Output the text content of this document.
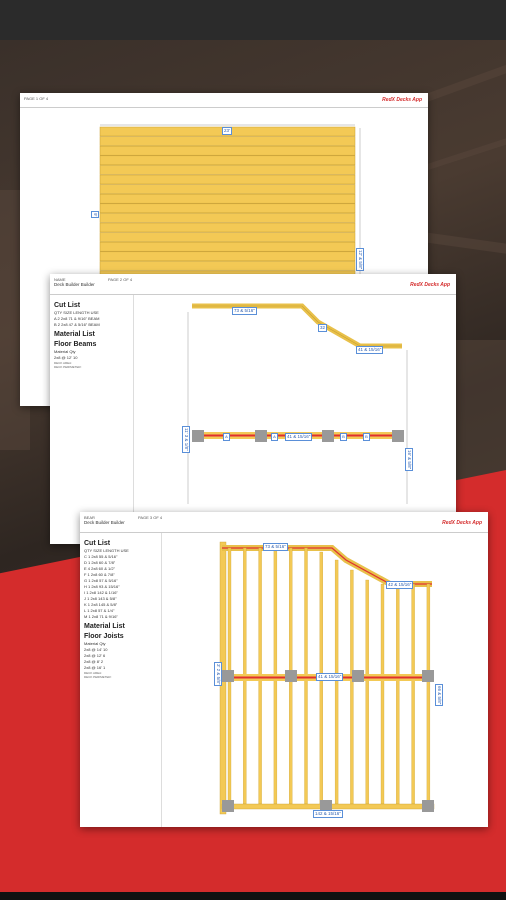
PAGE 1 OF 4	RedX Decks App
23'
9'
12' & 5/8"
NAME	PAGE 2 OF 4
Deck Builder Builder	RedX Decks App
Cut List
QTY SIZE LENGTH USE
A 2 2x8 71 & 9/16" BEAM
B 2 2x8 47 & 5/16" BEAM
Material List
Floor Beams
Material Qty
2x8 @ 12' 10
DECK AREA:
DECK PERIMETER:
73 & 5/16"
32
41 & 15/16"
41 & 15/16"
11' 3 & 1/8"
16' & 5/8"
A	A	B	B
BEAR	PAGE 3 OF 4
Deck Builder Builder	RedX Decks App
Cut List
QTY SIZE LENGTH USE
C 1 2x8 55 & 5/16"
D 1 2x8 60 & 7/8"
E 4 2x8 60 & 1/2"
F 1 2x8 60 & 7/8"
G 1 2x8 57 & 5/16"
H 1 2x8 93 & 15/16"
I 1 2x8 142 & 1/16"
J 1 2x8 143 & 5/8"
K 1 2x8 145 & 5/8"
L 1 2x8 57 & 1/4"
M 1 2x8 71 & 9/16"
Material List
Floor Joists
Material Qty
2x8 @ 14' 10
2x8 @ 12' 6
2x8 @ 8' 2
2x8 @ 16' 1
DECK AREA:
DECK PERIMETER:
73 & 5/16"
42 & 15/16"
41 & 15/16"
142 & 15/16"
3' 2 & 5/8"
66 & 5/8"
